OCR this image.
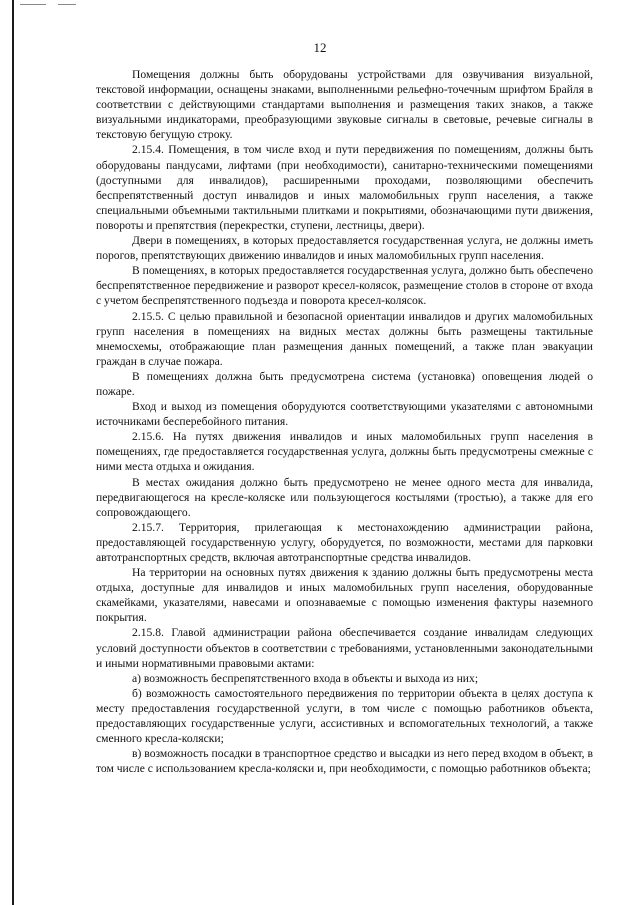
12

Помещения должны быть оборудованы устройствами для озвучивания визуальной, текстовой информации, оснащены знаками, выполненными рельефно-точечным шрифтом Брайля в соответствии с действующими стандартами выполнения и размещения таких знаков, а также визуальными индикаторами, преобразующими звуковые сигналы в световые, речевые сигналы в текстовую бегущую строку.

2.15.4. Помещения, в том числе вход и пути передвижения по помещениям, должны быть оборудованы пандусами, лифтами (при необходимости), санитарно-техническими помещениями (доступными для инвалидов), расширенными проходами, позволяющими обеспечить беспрепятственный доступ инвалидов и иных маломобильных групп населения, а также специальными объемными тактильными плитками и покрытиями, обозначающими пути движения, повороты и препятствия (перекрестки, ступени, лестницы, двери).

Двери в помещениях, в которых предоставляется государственная услуга, не должны иметь порогов, препятствующих движению инвалидов и иных маломобильных групп населения.

В помещениях, в которых предоставляется государственная услуга, должно быть обеспечено беспрепятственное передвижение и разворот кресел-колясок, размещение столов в стороне от входа с учетом беспрепятственного подъезда и поворота кресел-колясок.

2.15.5. С целью правильной и безопасной ориентации инвалидов и других маломобильных групп населения в помещениях на видных местах должны быть размещены тактильные мнемосхемы, отображающие план размещения данных помещений, а также план эвакуации граждан в случае пожара.

В помещениях должна быть предусмотрена система (установка) оповещения людей о пожаре.

Вход и выход из помещения оборудуются соответствующими указателями с автономными источниками бесперебойного питания.

2.15.6. На путях движения инвалидов и иных маломобильных групп населения в помещениях, где предоставляется государственная услуга, должны быть предусмотрены смежные с ними места отдыха и ожидания.

В местах ожидания должно быть предусмотрено не менее одного места для инвалида, передвигающегося на кресле-коляске или пользующегося костылями (тростью), а также для его сопровождающего.

2.15.7. Территория, прилегающая к местонахождению администрации района, предоставляющей государственную услугу, оборудуется, по возможности, местами для парковки автотранспортных средств, включая автотранспортные средства инвалидов.

На территории на основных путях движения к зданию должны быть предусмотрены места отдыха, доступные для инвалидов и иных маломобильных групп населения, оборудованные скамейками, указателями, навесами и опознаваемые с помощью изменения фактуры наземного покрытия.

2.15.8. Главой администрации района обеспечивается создание инвалидам следующих условий доступности объектов в соответствии с требованиями, установленными законодательными и иными нормативными правовыми актами:

а) возможность беспрепятственного входа в объекты и выхода из них;

б) возможность самостоятельного передвижения по территории объекта в целях доступа к месту предоставления государственной услуги, в том числе с помощью работников объекта, предоставляющих государственные услуги, ассистивных и вспомогательных технологий, а также сменного кресла-коляски;

в) возможность посадки в транспортное средство и высадки из него перед входом в объект, в том числе с использованием кресла-коляски и, при необходимости, с помощью работников объекта;
